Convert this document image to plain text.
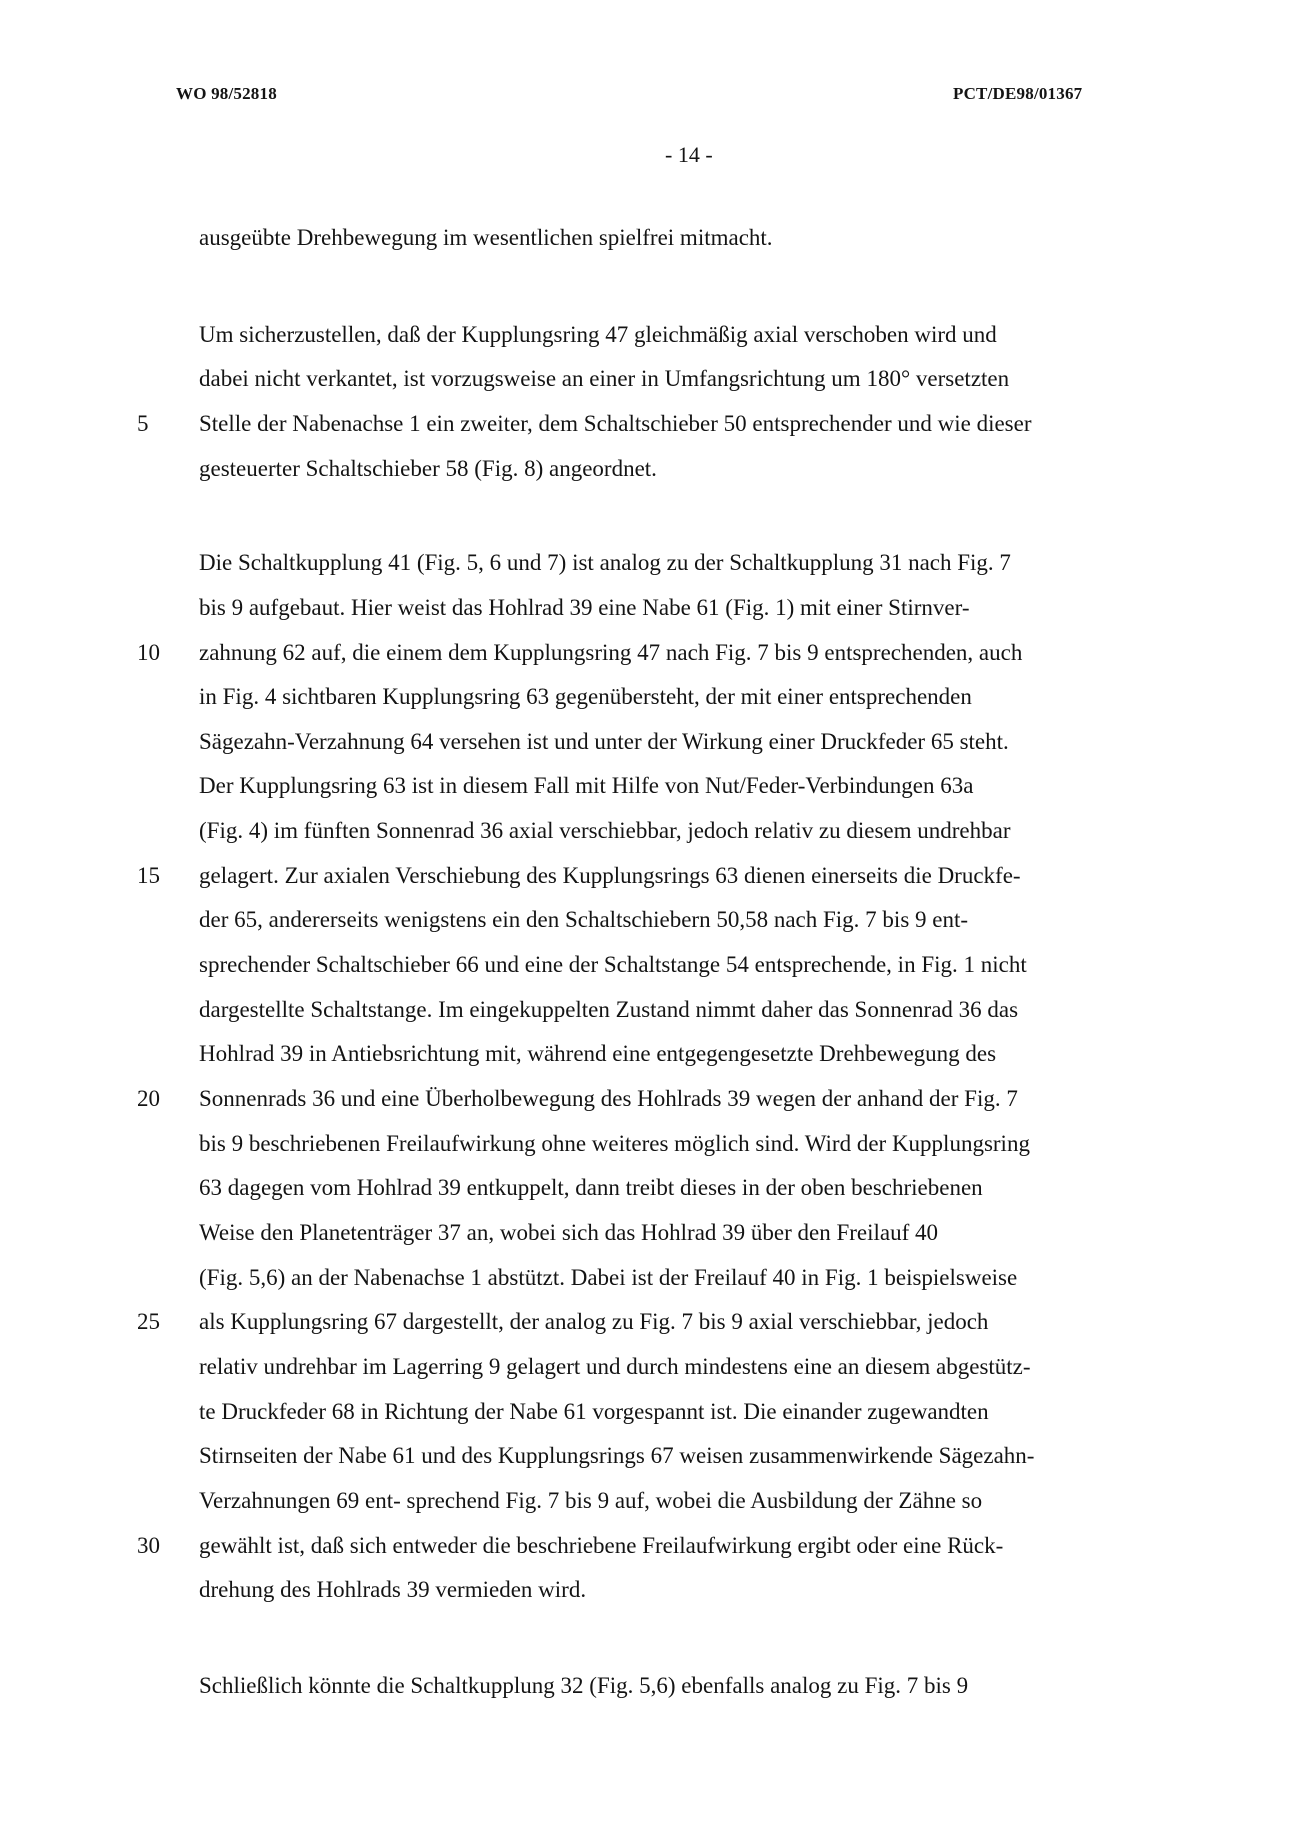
WO 98/52818	PCT/DE98/01367
- 14 -
ausgeübte Drehbewegung im wesentlichen spielfrei mitmacht.
Um sicherzustellen, daß der Kupplungsring 47 gleichmäßig axial verschoben wird und
dabei nicht verkantet, ist vorzugsweise an einer in Umfangsrichtung um 180° versetzten
Stelle der Nabenachse 1 ein zweiter, dem Schaltschieber 50 entsprechender und wie dieser
gesteuerter Schaltschieber 58 (Fig. 8) angeordnet.
Die Schaltkupplung 41 (Fig. 5, 6 und 7) ist analog zu der Schaltkupplung 31 nach Fig. 7
bis 9 aufgebaut. Hier weist das Hohlrad 39 eine Nabe 61 (Fig. 1) mit einer Stirnver-
zahnung 62 auf, die einem dem Kupplungsring 47 nach Fig. 7 bis 9 entsprechenden, auch
in Fig. 4 sichtbaren Kupplungsring 63 gegenübersteht, der mit einer entsprechenden
Sägezahn-Verzahnung 64 versehen ist und unter der Wirkung einer Druckfeder 65 steht.
Der Kupplungsring 63 ist in diesem Fall mit Hilfe von Nut/Feder-Verbindungen 63a
(Fig. 4) im fünften Sonnenrad 36 axial verschiebbar, jedoch relativ zu diesem undrehbar
gelagert. Zur axialen Verschiebung des Kupplungsrings 63 dienen einerseits die Druckfe-
der 65, andererseits wenigstens ein den Schaltschiebern 50,58 nach Fig. 7 bis 9 ent-
sprechender Schaltschieber 66 und eine der Schaltstange 54 entsprechende, in Fig. 1 nicht
dargestellte Schaltstange. Im eingekuppelten Zustand nimmt daher das Sonnenrad 36 das
Hohlrad 39 in Antiebsrichtung mit, während eine entgegengesetzte Drehbewegung des
Sonnenrads 36 und eine Überholbewegung des Hohlrads 39 wegen der anhand der Fig. 7
bis 9 beschriebenen Freilaufwirkung ohne weiteres möglich sind. Wird der Kupplungsring
63 dagegen vom Hohlrad 39 entkuppelt, dann treibt dieses in der oben beschriebenen
Weise den Planetenträger 37 an, wobei sich das Hohlrad 39 über den Freilauf 40
(Fig. 5,6) an der Nabenachse 1 abstützt. Dabei ist der Freilauf 40 in Fig. 1 beispielsweise
als Kupplungsring 67 dargestellt, der analog zu Fig. 7 bis 9 axial verschiebbar, jedoch
relativ undrehbar im Lagerring 9 gelagert und durch mindestens eine an diesem abgestütz-
te Druckfeder 68 in Richtung der Nabe 61 vorgespannt ist. Die einander zugewandten
Stirnseiten der Nabe 61 und des Kupplungsrings 67 weisen zusammenwirkende Sägezahn-
Verzahnungen 69 ent- sprechend Fig. 7 bis 9 auf, wobei die Ausbildung der Zähne so
gewählt ist, daß sich entweder die beschriebene Freilaufwirkung ergibt oder eine Rück-
drehung des Hohlrads 39 vermieden wird.
Schließlich könnte die Schaltkupplung 32 (Fig. 5,6) ebenfalls analog zu Fig. 7 bis 9
5
10
15
20
25
30
